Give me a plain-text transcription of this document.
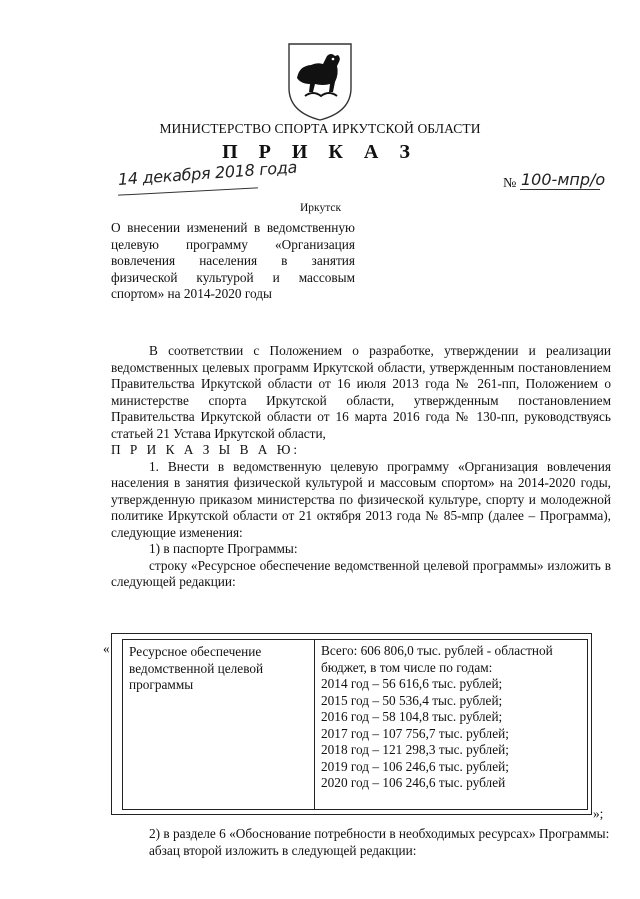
МИНИСТЕРСТВО СПОРТА ИРКУТСКОЙ ОБЛАСТИ
П Р И К А З
14 декабря 2018 года	№ 100-мпр/о
Иркутск
О внесении изменений в ведомственную целевую программу «Организация вовлечения населения в занятия физической культурой и массовым спортом» на 2014-2020 годы

В соответствии с Положением о разработке, утверждении и реализации ведомственных целевых программ Иркутской области, утвержденным постановлением Правительства Иркутской области от 16 июля 2013 года № 261-пп, Положением о министерстве спорта Иркутской области, утвержденным постановлением Правительства Иркутской области от 16 марта 2016 года № 130-пп, руководствуясь статьей 21 Устава Иркутской области,

П Р И К А З Ы В А Ю:

1. Внести в ведомственную целевую программу «Организация вовлечения населения в занятия физической культурой и массовым спортом» на 2014-2020 годы, утвержденную приказом министерства по физической культуре, спорту и молодежной политике Иркутской области от 21 октября 2013 года № 85-мпр (далее – Программа), следующие изменения:

1) в паспорте Программы:

строку «Ресурсное обеспечение ведомственной целевой программы» изложить в следующей редакции:

«	Ресурсное обеспечение ведомственной целевой программы
Всего: 606 806,0 тыс. рублей - областной бюджет, в том числе по годам:
2014 год – 56 616,6 тыс. рублей;
2015 год – 50 536,4 тыс. рублей;
2016 год – 58 104,8 тыс. рублей;
2017 год – 107 756,7 тыс. рублей;
2018 год – 121 298,3 тыс. рублей;
2019 год – 106 246,6 тыс. рублей;
2020 год – 106 246,6 тыс. рублей
»;

2) в разделе 6 «Обоснование потребности в необходимых ресурсах» Программы:

абзац второй изложить в следующей редакции:
